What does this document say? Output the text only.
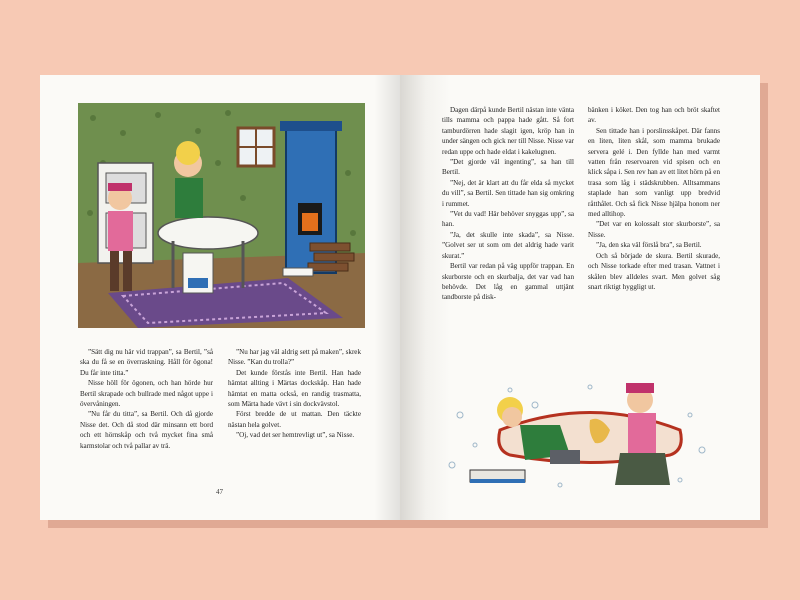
”Sätt dig nu här vid trappan”, sa Bertil, ”så ska du få se en överraskning. Håll för ögona! Du får inte titta.”

Nisse höll för ögonen, och han hörde hur Bertil skrapade och bullrade med något uppe i övervåningen.

”Nu får du titta”, sa Bertil. Och då gjorde Nisse det. Och då stod där minsann ett bord och ett hörnskåp och två mycket fina små karmstolar och två pallar av trä.

”Nu har jag väl aldrig sett på maken”, skrek Nisse. ”Kan du trolla?”

Det kunde förstås inte Bertil. Han hade hämtat allting i Märtas dockskåp. Han hade hämtat en matta också, en randig trasmatta, som Märta hade vävt i sin dockvävstol.

Först bredde de ut mattan. Den täckte nästan hela golvet.

”Oj, vad det ser hemtrevligt ut”, sa Nisse.

47

Dagen därpå kunde Bertil nästan inte vänta tills mamma och pappa hade gått. Så fort tamburdörren hade slagit igen, kröp han in under sängen och gick ner till Nisse. Nisse var redan uppe och hade eldat i kakelugnen.

”Det gjorde väl ingenting”, sa han till Bertil.

”Nej, det är klart att du får elda så mycket du vill”, sa Bertil. Sen tittade han sig omkring i rummet.

”Vet du vad! Här behöver snyggas upp”, sa han.

”Ja, det skulle inte skada”, sa Nisse. ”Golvet ser ut som om det aldrig hade varit skurat.”

Bertil var redan på väg uppför trappan. En skurborste och en skurbalja, det var vad han behövde. Det låg en gammal uttjänt tandborste på disk-

bänken i köket. Den tog han och bröt skaftet av.

Sen tittade han i porslinsskåpet. Där fanns en liten, liten skål, som mamma brukade servera gelé i. Den fyllde han med varmt vatten från reservoaren vid spisen och en klick såpa i. Sen rev han av ett litet hörn på en trasa som låg i städskrubben. Alltsammans staplade han som vanligt upp bredvid råtthålet. Och så fick Nisse hjälpa honom ner med alltihop.

”Det var en kolossalt stor skurborste”, sa Nisse.

”Ja, den ska väl förslå bra”, sa Bertil.

Och så började de skura. Bertil skurade, och Nisse torkade efter med trasan. Vattnet i skålen blev alldeles svart. Men golvet såg snart riktigt hyggligt ut.
